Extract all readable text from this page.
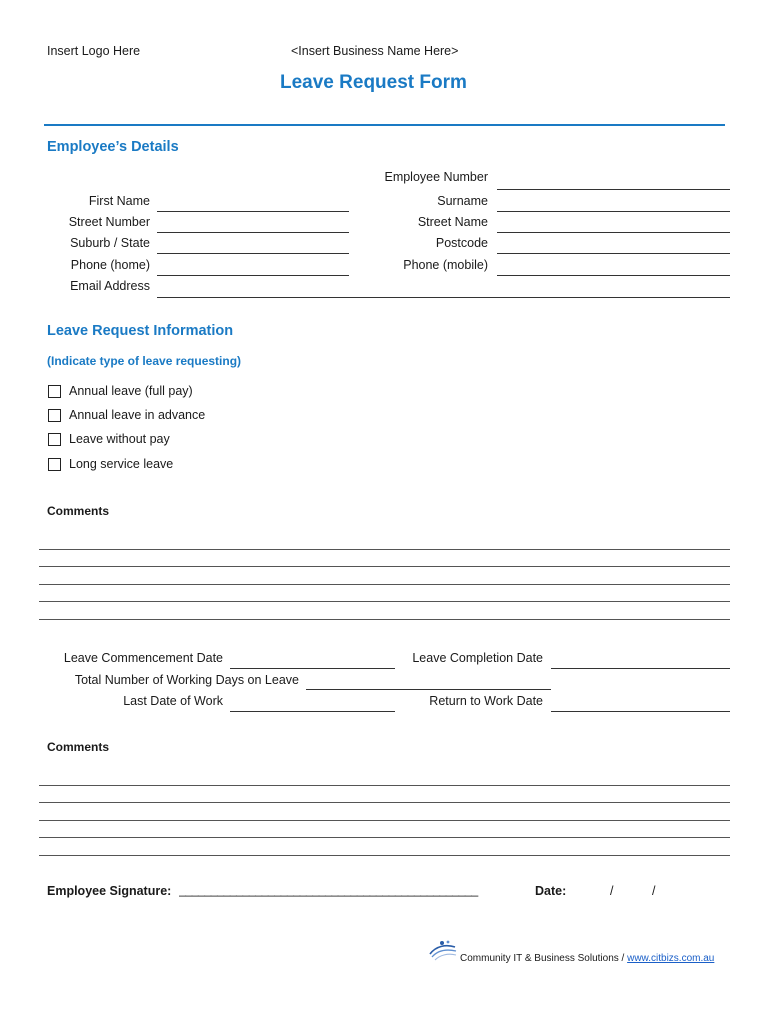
Insert Logo Here	<Insert Business Name Here>
Leave Request Form
Employee’s Details
Employee Number
First Name	Surname
Street Number	Street Name
Suburb / State	Postcode
Phone (home)	Phone (mobile)
Email Address
Leave Request Information
(Indicate type of leave requesting)
Annual leave (full pay)
Annual leave in advance
Leave without pay
Long service leave
Comments
Leave Commencement Date	Leave Completion Date
Total Number of Working Days on Leave
Last Date of Work	Return to Work Date
Comments
Employee Signature: _______________________________________________	Date:	/	/
Community IT & Business Solutions / www.citbizs.com.au
